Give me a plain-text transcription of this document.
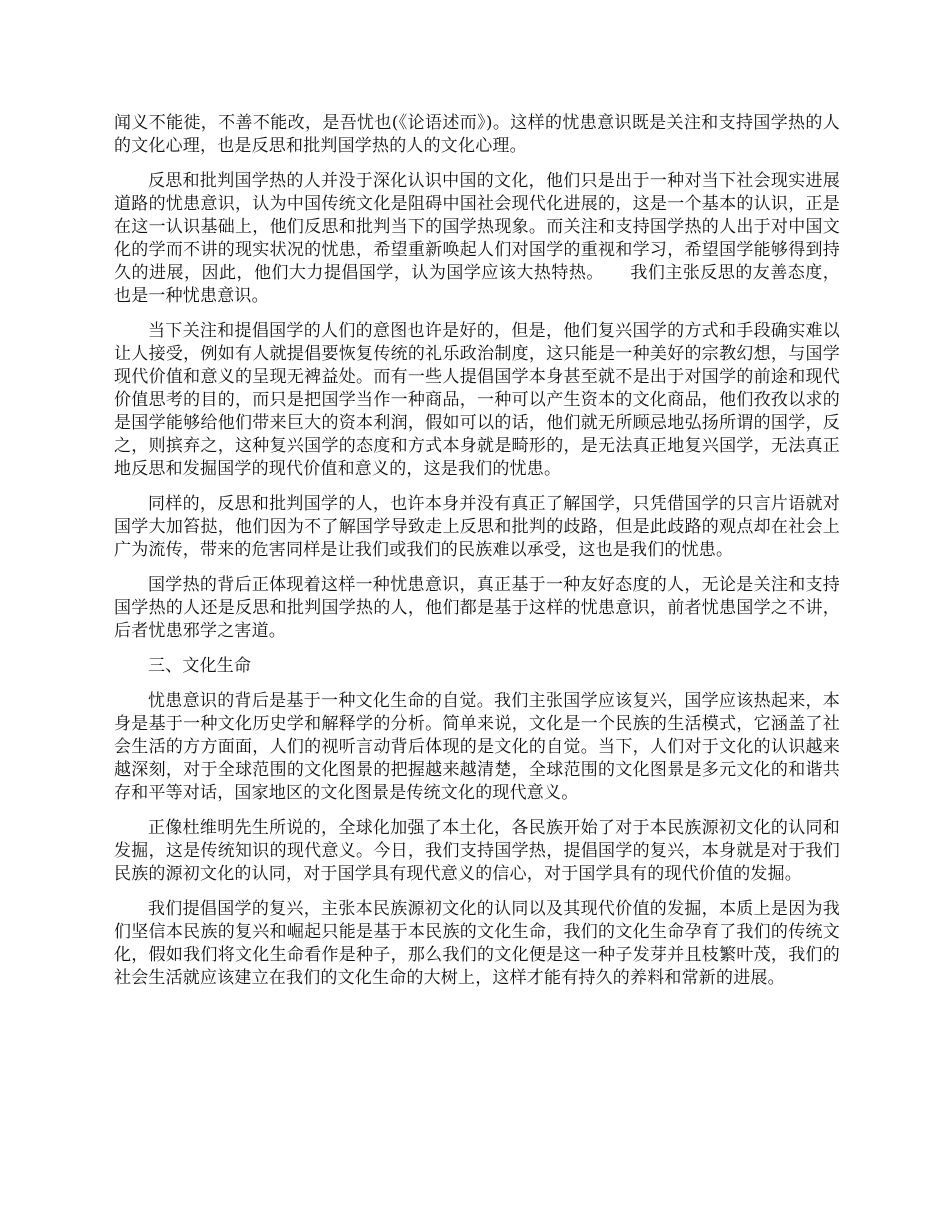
闻义不能徙，不善不能改，是吾忧也(《论语述而》)。这样的忧患意识既是关注和支持国学热的人的文化心理，也是反思和批判国学热的人的文化心理。

反思和批判国学热的人并没于深化认识中国的文化，他们只是出于一种对当下社会现实进展道路的忧患意识，认为中国传统文化是阻碍中国社会现代化进展的，这是一个基本的认识，正是在这一认识基础上，他们反思和批判当下的国学热现象。而关注和支持国学热的人出于对中国文化的学而不讲的现实状况的忧患，希望重新唤起人们对国学的重视和学习，希望国学能够得到持久的进展，因此，他们大力提倡国学，认为国学应该大热特热。　　我们主张反思的友善态度，也是一种忧患意识。

当下关注和提倡国学的人们的意图也许是好的，但是，他们复兴国学的方式和手段确实难以让人接受，例如有人就提倡要恢复传统的礼乐政治制度，这只能是一种美好的宗教幻想，与国学现代价值和意义的呈现无裨益处。而有一些人提倡国学本身甚至就不是出于对国学的前途和现代价值思考的目的，而只是把国学当作一种商品，一种可以产生资本的文化商品，他们孜孜以求的是国学能够给他们带来巨大的资本利润，假如可以的话，他们就无所顾忌地弘扬所谓的国学，反之，则摈弃之，这种复兴国学的态度和方式本身就是畸形的，是无法真正地复兴国学，无法真正地反思和发掘国学的现代价值和意义的，这是我们的忧患。

同样的，反思和批判国学的人，也许本身并没有真正了解国学，只凭借国学的只言片语就对国学大加笞挞，他们因为不了解国学导致走上反思和批判的歧路，但是此歧路的观点却在社会上广为流传，带来的危害同样是让我们或我们的民族难以承受，这也是我们的忧患。

国学热的背后正体现着这样一种忧患意识，真正基于一种友好态度的人，无论是关注和支持国学热的人还是反思和批判国学热的人，他们都是基于这样的忧患意识，前者忧患国学之不讲，后者忧患邪学之害道。

三、文化生命

忧患意识的背后是基于一种文化生命的自觉。我们主张国学应该复兴，国学应该热起来，本身是基于一种文化历史学和解释学的分析。简单来说，文化是一个民族的生活模式，它涵盖了社会生活的方方面面，人们的视听言动背后体现的是文化的自觉。当下，人们对于文化的认识越来越深刻，对于全球范围的文化图景的把握越来越清楚，全球范围的文化图景是多元文化的和谐共存和平等对话，国家地区的文化图景是传统文化的现代意义。

正像杜维明先生所说的，全球化加强了本土化，各民族开始了对于本民族源初文化的认同和发掘，这是传统知识的现代意义。今日，我们支持国学热，提倡国学的复兴，本身就是对于我们民族的源初文化的认同，对于国学具有现代意义的信心，对于国学具有的现代价值的发掘。

我们提倡国学的复兴，主张本民族源初文化的认同以及其现代价值的发掘，本质上是因为我们坚信本民族的复兴和崛起只能是基于本民族的文化生命，我们的文化生命孕育了我们的传统文化，假如我们将文化生命看作是种子，那么我们的文化便是这一种子发芽并且枝繁叶茂，我们的社会生活就应该建立在我们的文化生命的大树上，这样才能有持久的养料和常新的进展。
